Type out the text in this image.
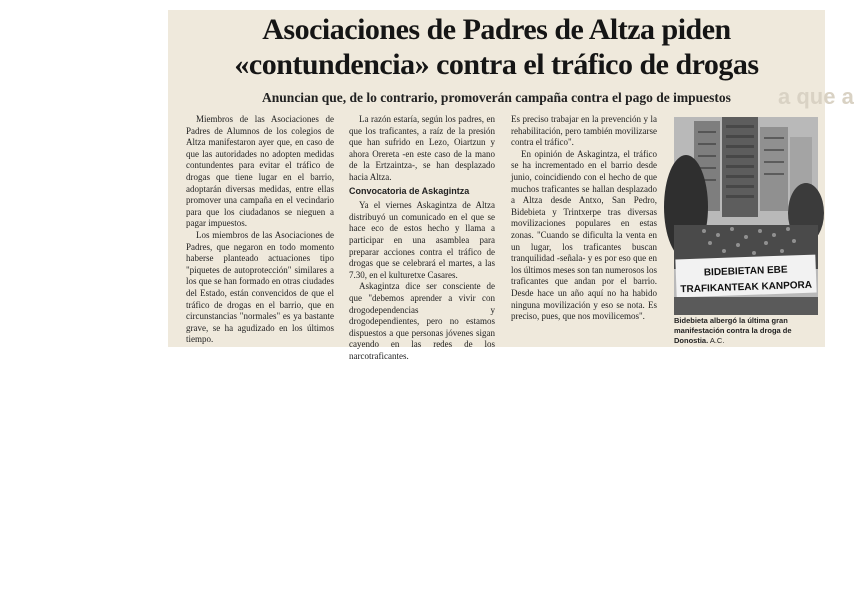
a que a
Asociaciones de Padres de Altza piden
«contundencia» contra el tráfico de drogas
Anuncian que, de lo contrario, promoverán campaña contra el pago de impuestos

Miembros de las Asociaciones de Padres de Alumnos de los colegios de Altza manifestaron ayer que, en caso de que las autoridades no adopten medidas contundentes para evitar el tráfico de drogas que tiene lugar en el barrio, adoptarán diversas medidas, entre ellas promover una campaña en el vecindario para que los ciudadanos se nieguen a pagar impuestos.

Los miembros de las Asociaciones de Padres, que negaron en todo momento haberse planteado actuaciones tipo "piquetes de autoprotección" similares a los que se han formado en otras ciudades del Estado, están convencidos de que el tráfico de drogas en el barrio, que en circunstancias "normales" es ya bastante grave, se ha agudizado en los últimos tiempo.

La razón estaría, según los padres, en que los traficantes, a raíz de la presión que han sufrido en Lezo, Oiartzun y ahora Orereta -en este caso de la mano de la Ertzaintza-, se han desplazado hacia Altza.

Convocatoria de Askagintza

Ya el viernes Askagintza de Altza distribuyó un comunicado en el que se hace eco de estos hecho y llama a participar en una asamblea para preparar acciones contra el tráfico de drogas que se celebrará el martes, a las 7.30, en el kulturetxe Casares.

Askagintza dice ser consciente de que "debemos aprender a vivir con drogodependencias y drogodependientes, pero no estamos dispuestos a que personas jóvenes sigan cayendo en las redes de los narcotraficantes.

Es preciso trabajar en la prevención y la rehabilitación, pero también movilizarse contra el tráfico".

En opinión de Askagintza, el tráfico se ha incrementado en el barrio desde junio, coincidiendo con el hecho de que muchos traficantes se hallan desplazado a Altza desde Antxo, San Pedro, Bidebieta y Trintxerpe tras diversas movilizaciones populares en estas zonas. "Cuando se dificulta la venta en un lugar, los traficantes buscan tranquilidad -señala- y es por eso que en los últimos meses son tan numerosos los traficantes que andan por el barrio. Desde hace un año aquí no ha habido ninguna movilización y eso se nota. Es preciso, pues, que nos movilicemos".

BIDEBIETAN EBE
TRAFIKANTEAK KANPORA
Bidebieta albergó la última gran manifestación contra la droga de Donostia. A.C.
